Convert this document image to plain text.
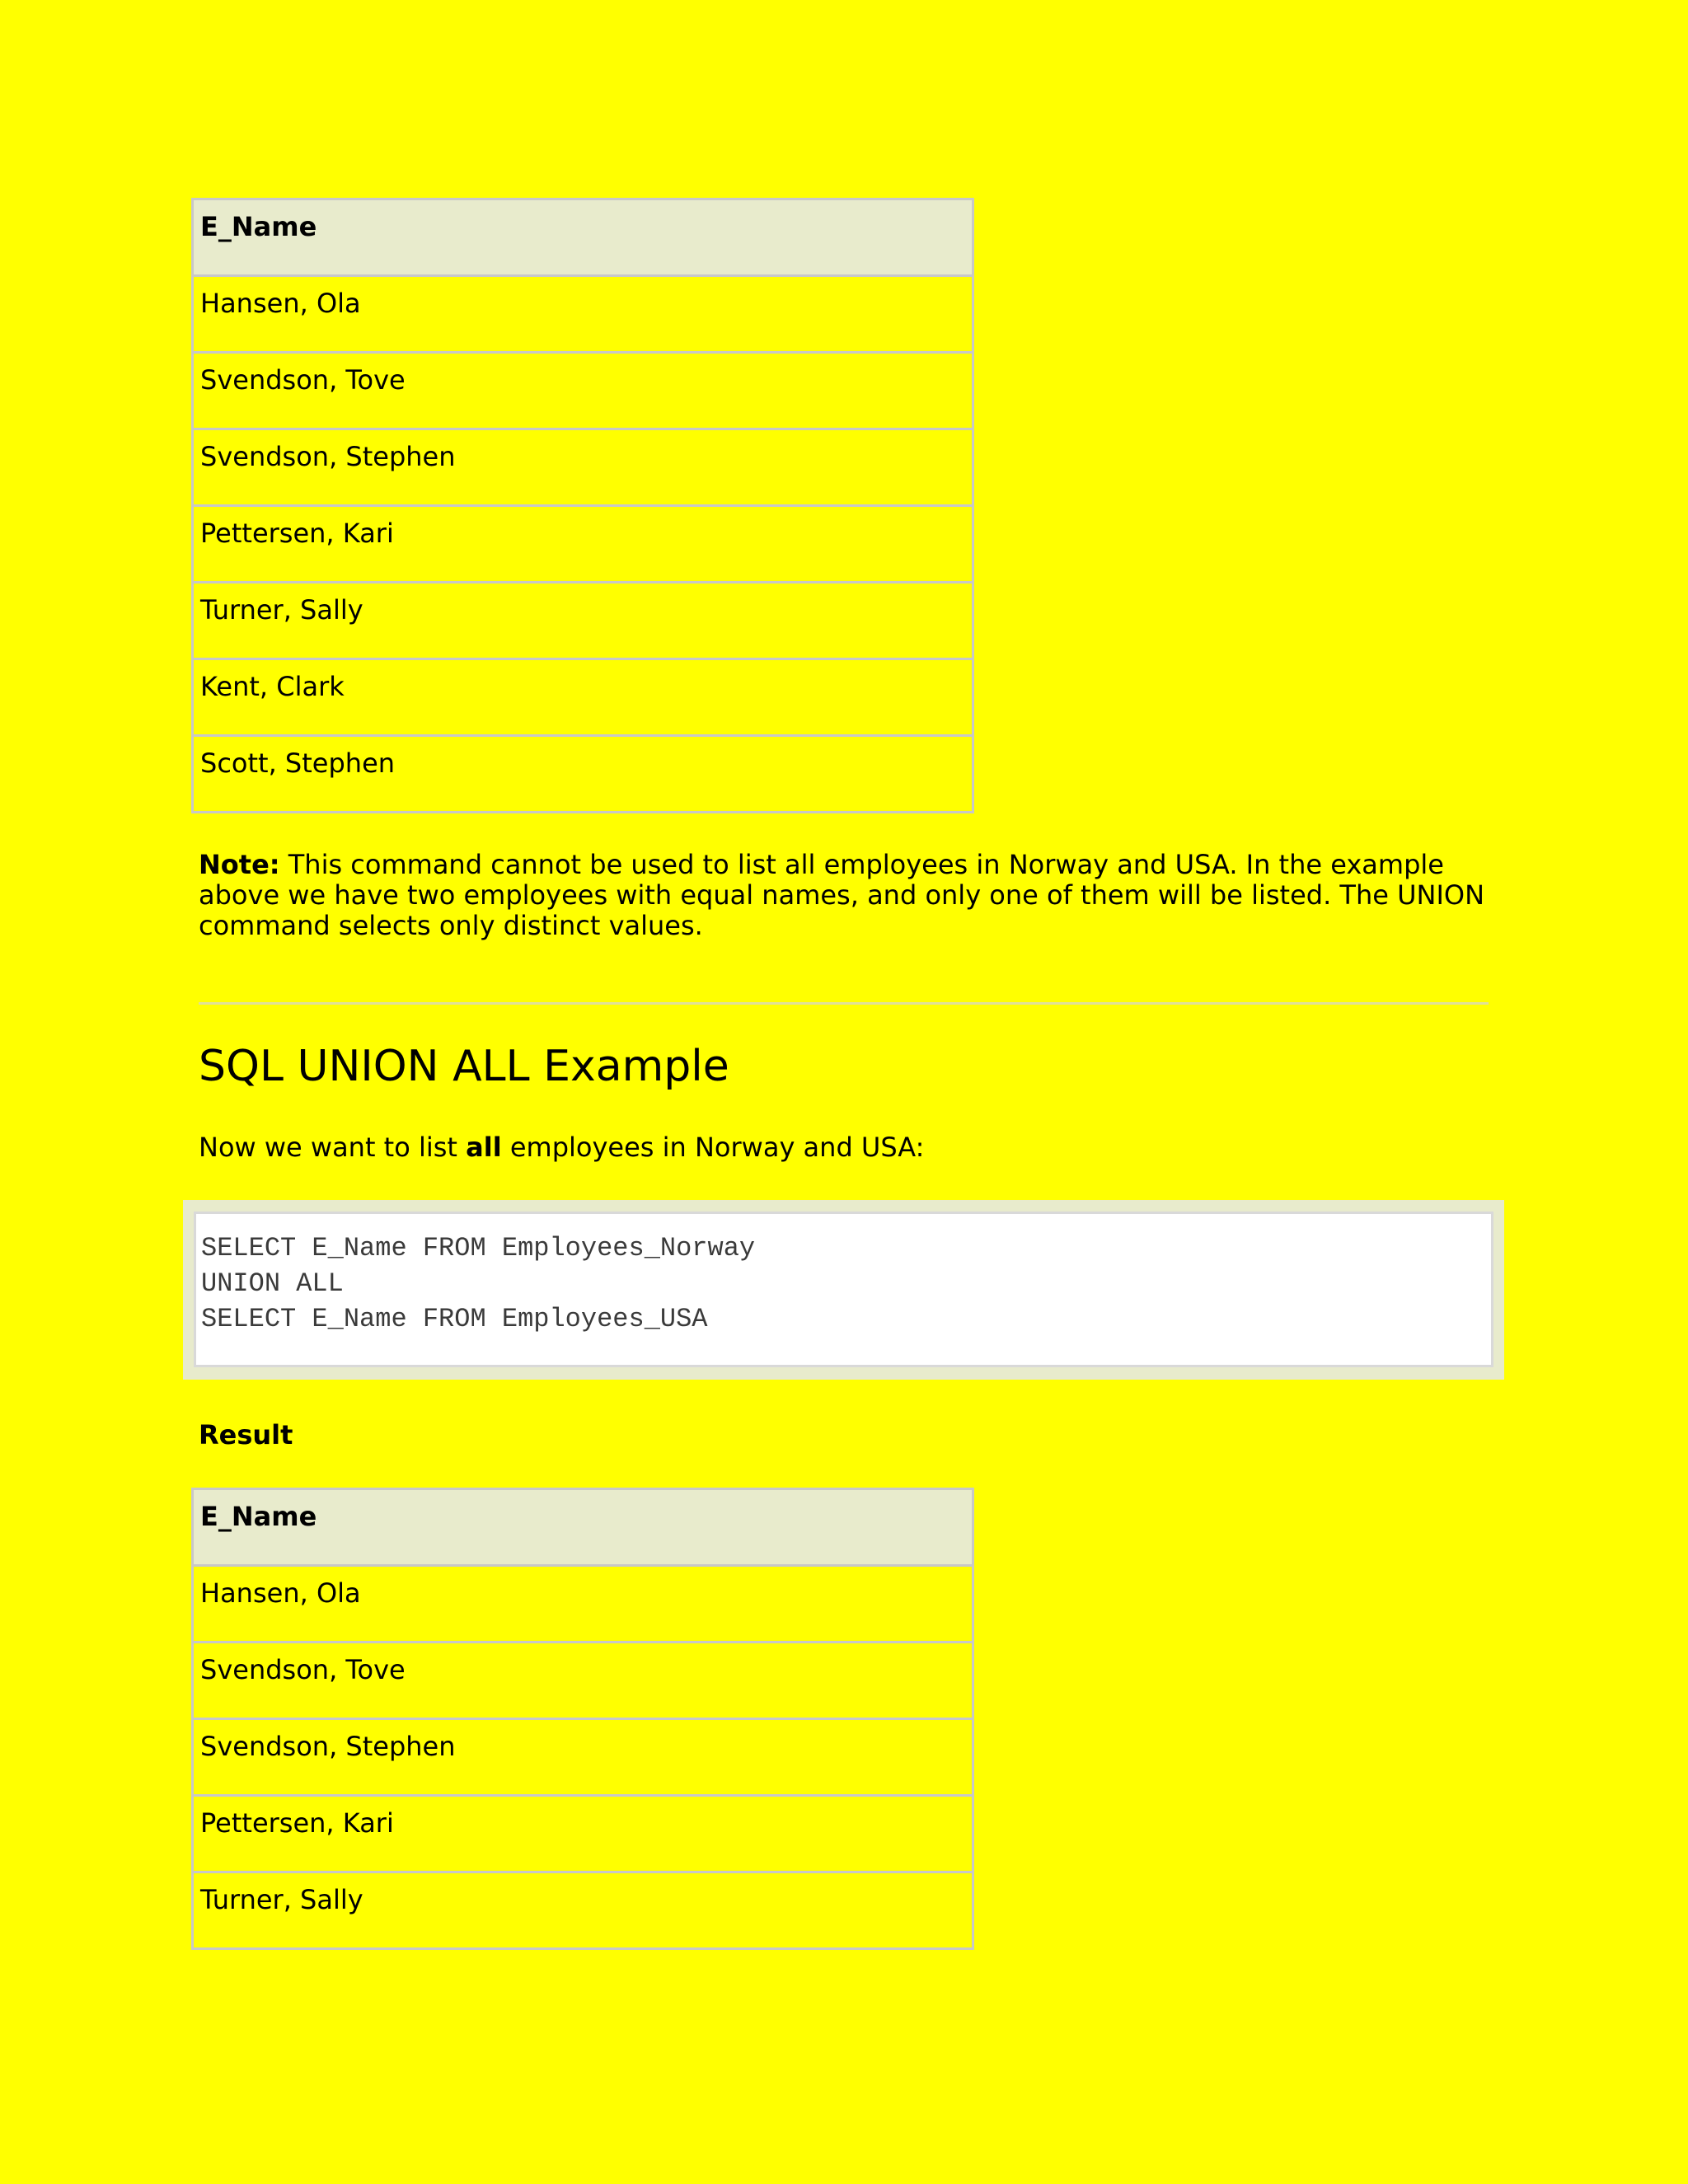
E_Name
Hansen, Ola
Svendson, Tove
Svendson, Stephen
Pettersen, Kari
Turner, Sally
Kent, Clark
Scott, Stephen

Note: This command cannot be used to list all employees in Norway and USA. In the example above we have two employees with equal names, and only one of them will be listed. The UNION command selects only distinct values.

SQL UNION ALL Example

Now we want to list all employees in Norway and USA:

SELECT E_Name FROM Employees_Norway
UNION ALL
SELECT E_Name FROM Employees_USA

Result

E_Name
Hansen, Ola
Svendson, Tove
Svendson, Stephen
Pettersen, Kari
Turner, Sally
